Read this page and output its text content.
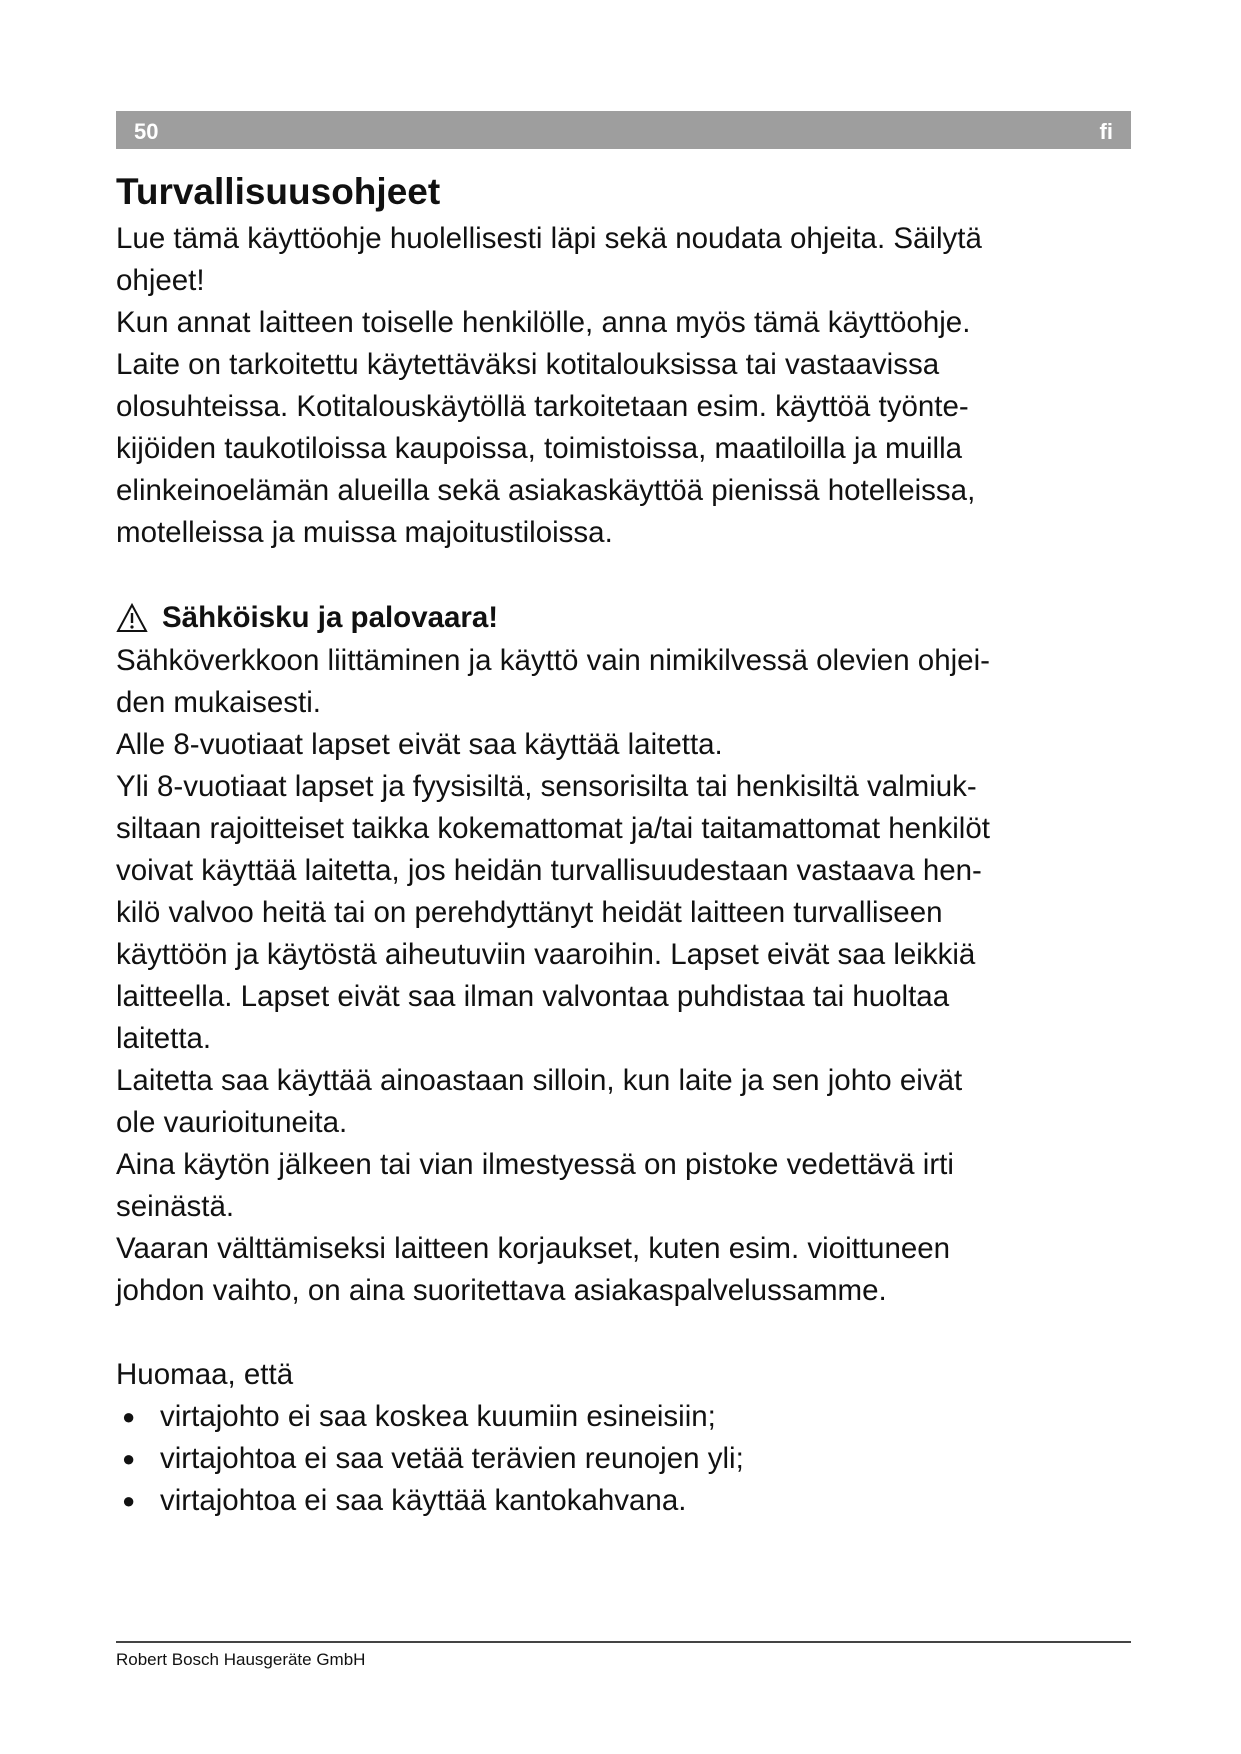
50	fi
Turvallisuusohjeet

Lue tämä käyttöohje huolellisesti läpi sekä noudata ohjeita. Säilytä
ohjeet!

Kun annat laitteen toiselle henkilölle, anna myös tämä käyttöohje.

Laite on tarkoitettu käytettäväksi kotitalouksissa tai vastaavissa
olosuhteissa. Kotitalouskäytöllä tarkoitetaan esim. käyttöä työnte-
kijöiden taukotiloissa kaupoissa, toimistoissa, maatiloilla ja muilla
elinkeinoelämän alueilla sekä asiakaskäyttöä pienissä hotelleissa,
motelleissa ja muissa majoitustiloissa.

Sähköisku ja palovaara!

Sähköverkkoon liittäminen ja käyttö vain nimikilvessä olevien ohjei-
den mukaisesti.

Alle 8-vuotiaat lapset eivät saa käyttää laitetta.

Yli 8-vuotiaat lapset ja fyysisiltä, sensorisilta tai henkisiltä valmiuk-
siltaan rajoitteiset taikka kokemattomat ja/tai taitamattomat henkilöt
voivat käyttää laitetta, jos heidän turvallisuudestaan vastaava hen-
kilö valvoo heitä tai on perehdyttänyt heidät laitteen turvalliseen
käyttöön ja käytöstä aiheutuviin vaaroihin. Lapset eivät saa leikkiä
laitteella. Lapset eivät saa ilman valvontaa puhdistaa tai huoltaa
laitetta.

Laitetta saa käyttää ainoastaan silloin, kun laite ja sen johto eivät
ole vaurioituneita.

Aina käytön jälkeen tai vian ilmestyessä on pistoke vedettävä irti
seinästä.

Vaaran välttämiseksi laitteen korjaukset, kuten esim. vioittuneen
johdon vaihto, on aina suoritettava asiakaspalvelussamme.

Huomaa, että

● virtajohto ei saa koskea kuumiin esineisiin;
● virtajohtoa ei saa vetää terävien reunojen yli;
● virtajohtoa ei saa käyttää kantokahvana.
Robert Bosch Hausgeräte GmbH
